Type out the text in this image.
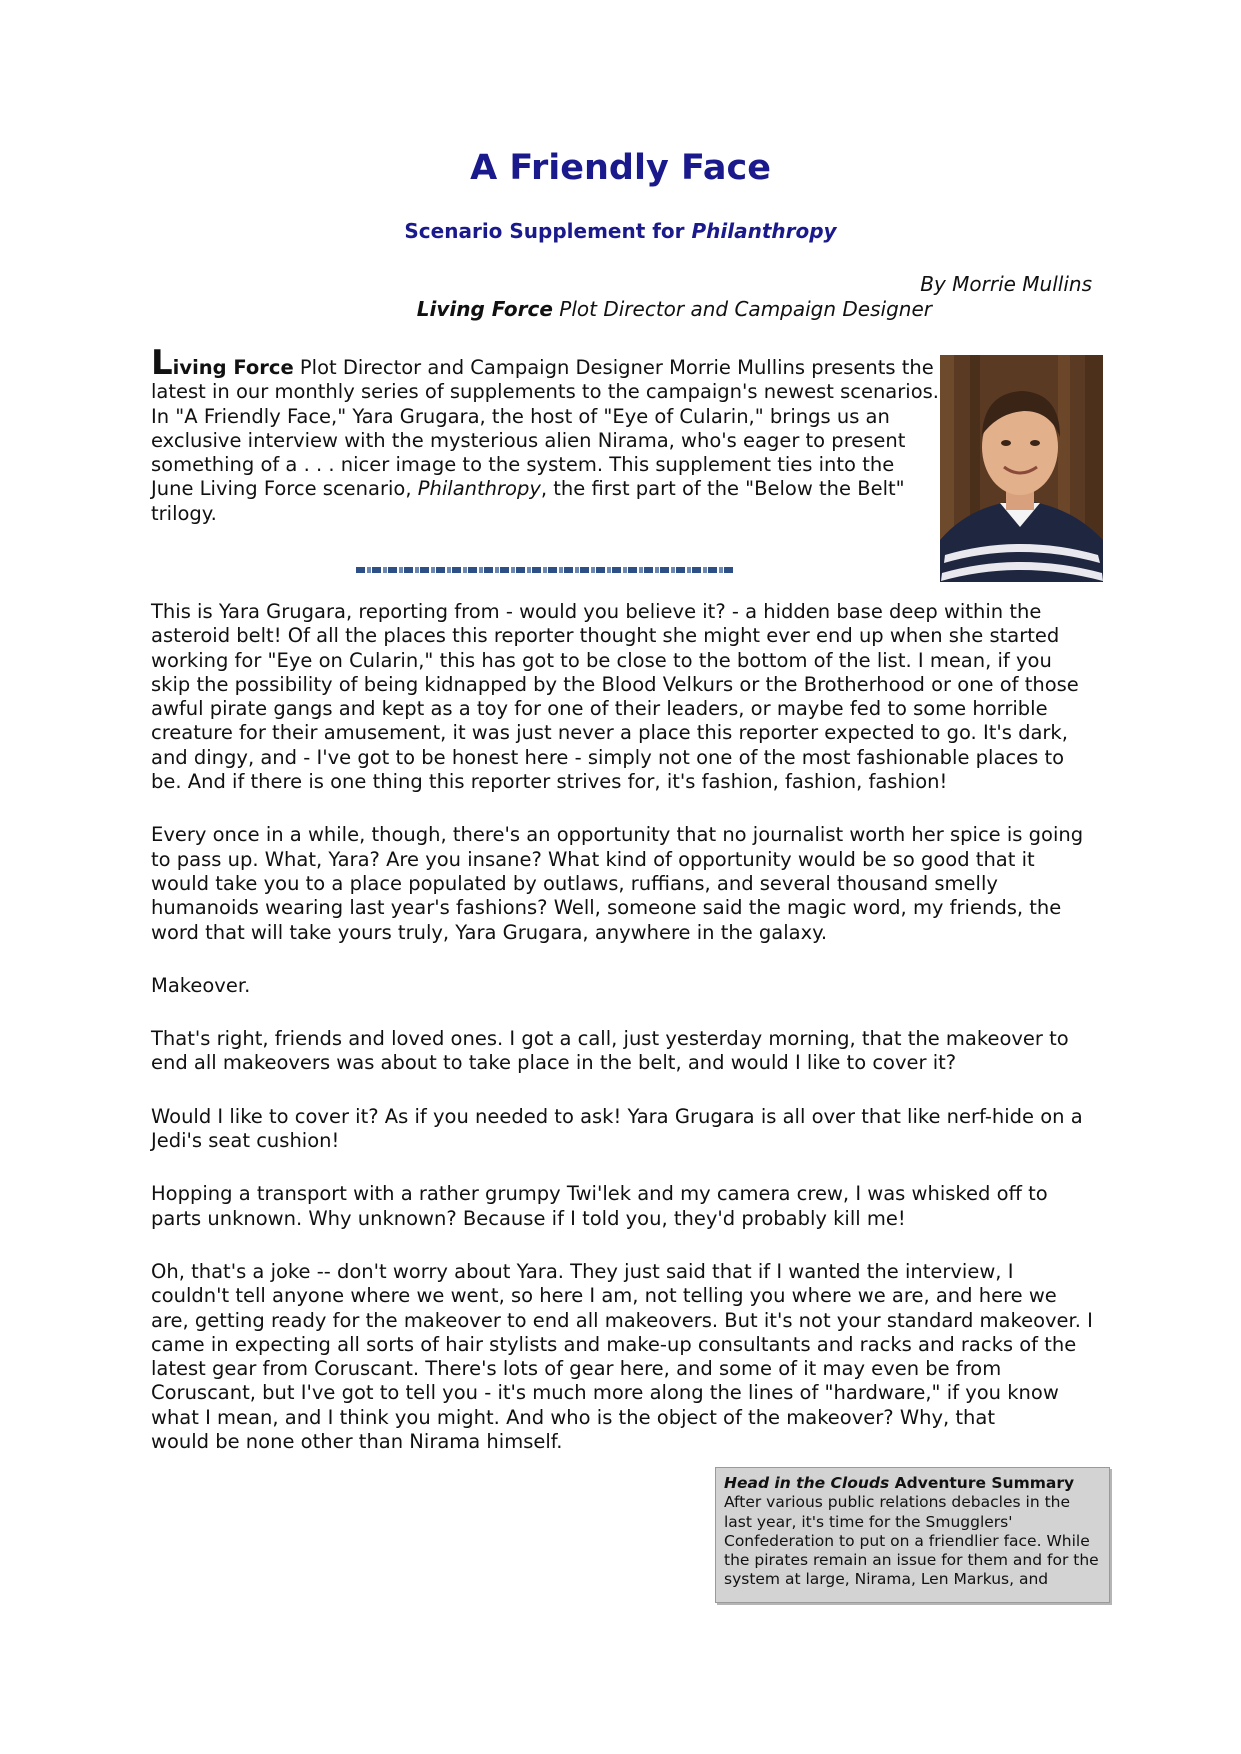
A Friendly Face
Scenario Supplement for Philanthropy
By Morrie Mullins
Living Force Plot Director and Campaign Designer

Living Force Plot Director and Campaign Designer Morrie Mullins presents the latest in our monthly series of supplements to the campaign's newest scenarios. In "A Friendly Face," Yara Grugara, the host of "Eye of Cularin," brings us an exclusive interview with the mysterious alien Nirama, who's eager to present something of a . . . nicer image to the system. This supplement ties into the June Living Force scenario, Philanthropy, the first part of the "Below the Belt" trilogy.

This is Yara Grugara, reporting from - would you believe it? - a hidden base deep within the asteroid belt! Of all the places this reporter thought she might ever end up when she started working for "Eye on Cularin," this has got to be close to the bottom of the list. I mean, if you skip the possibility of being kidnapped by the Blood Velkurs or the Brotherhood or one of those awful pirate gangs and kept as a toy for one of their leaders, or maybe fed to some horrible creature for their amusement, it was just never a place this reporter expected to go. It's dark, and dingy, and - I've got to be honest here - simply not one of the most fashionable places to be. And if there is one thing this reporter strives for, it's fashion, fashion, fashion!

Every once in a while, though, there's an opportunity that no journalist worth her spice is going to pass up. What, Yara? Are you insane? What kind of opportunity would be so good that it would take you to a place populated by outlaws, ruffians, and several thousand smelly humanoids wearing last year's fashions? Well, someone said the magic word, my friends, the word that will take yours truly, Yara Grugara, anywhere in the galaxy.

Makeover.

That's right, friends and loved ones. I got a call, just yesterday morning, that the makeover to end all makeovers was about to take place in the belt, and would I like to cover it?

Would I like to cover it? As if you needed to ask! Yara Grugara is all over that like nerf-hide on a Jedi's seat cushion!

Hopping a transport with a rather grumpy Twi'lek and my camera crew, I was whisked off to parts unknown. Why unknown? Because if I told you, they'd probably kill me!

Oh, that's a joke -- don't worry about Yara. They just said that if I wanted the interview, I couldn't tell anyone where we went, so here I am, not telling you where we are, and here we are, getting ready for the makeover to end all makeovers. But it's not your standard makeover. I came in expecting all sorts of hair stylists and make-up consultants and racks and racks of the latest gear from Coruscant. There's lots of gear here, and some of it may even be from Coruscant, but I've got to tell you - it's much more along the lines of "hardware," if you know what I mean, and I think you might. And who is the object of the makeover? Why, that
would be none other than Nirama himself.

Head in the Clouds Adventure Summary
After various public relations debacles in the last year, it's time for the Smugglers' Confederation to put on a friendlier face. While the pirates remain an issue for them and for the system at large, Nirama, Len Markus, and
